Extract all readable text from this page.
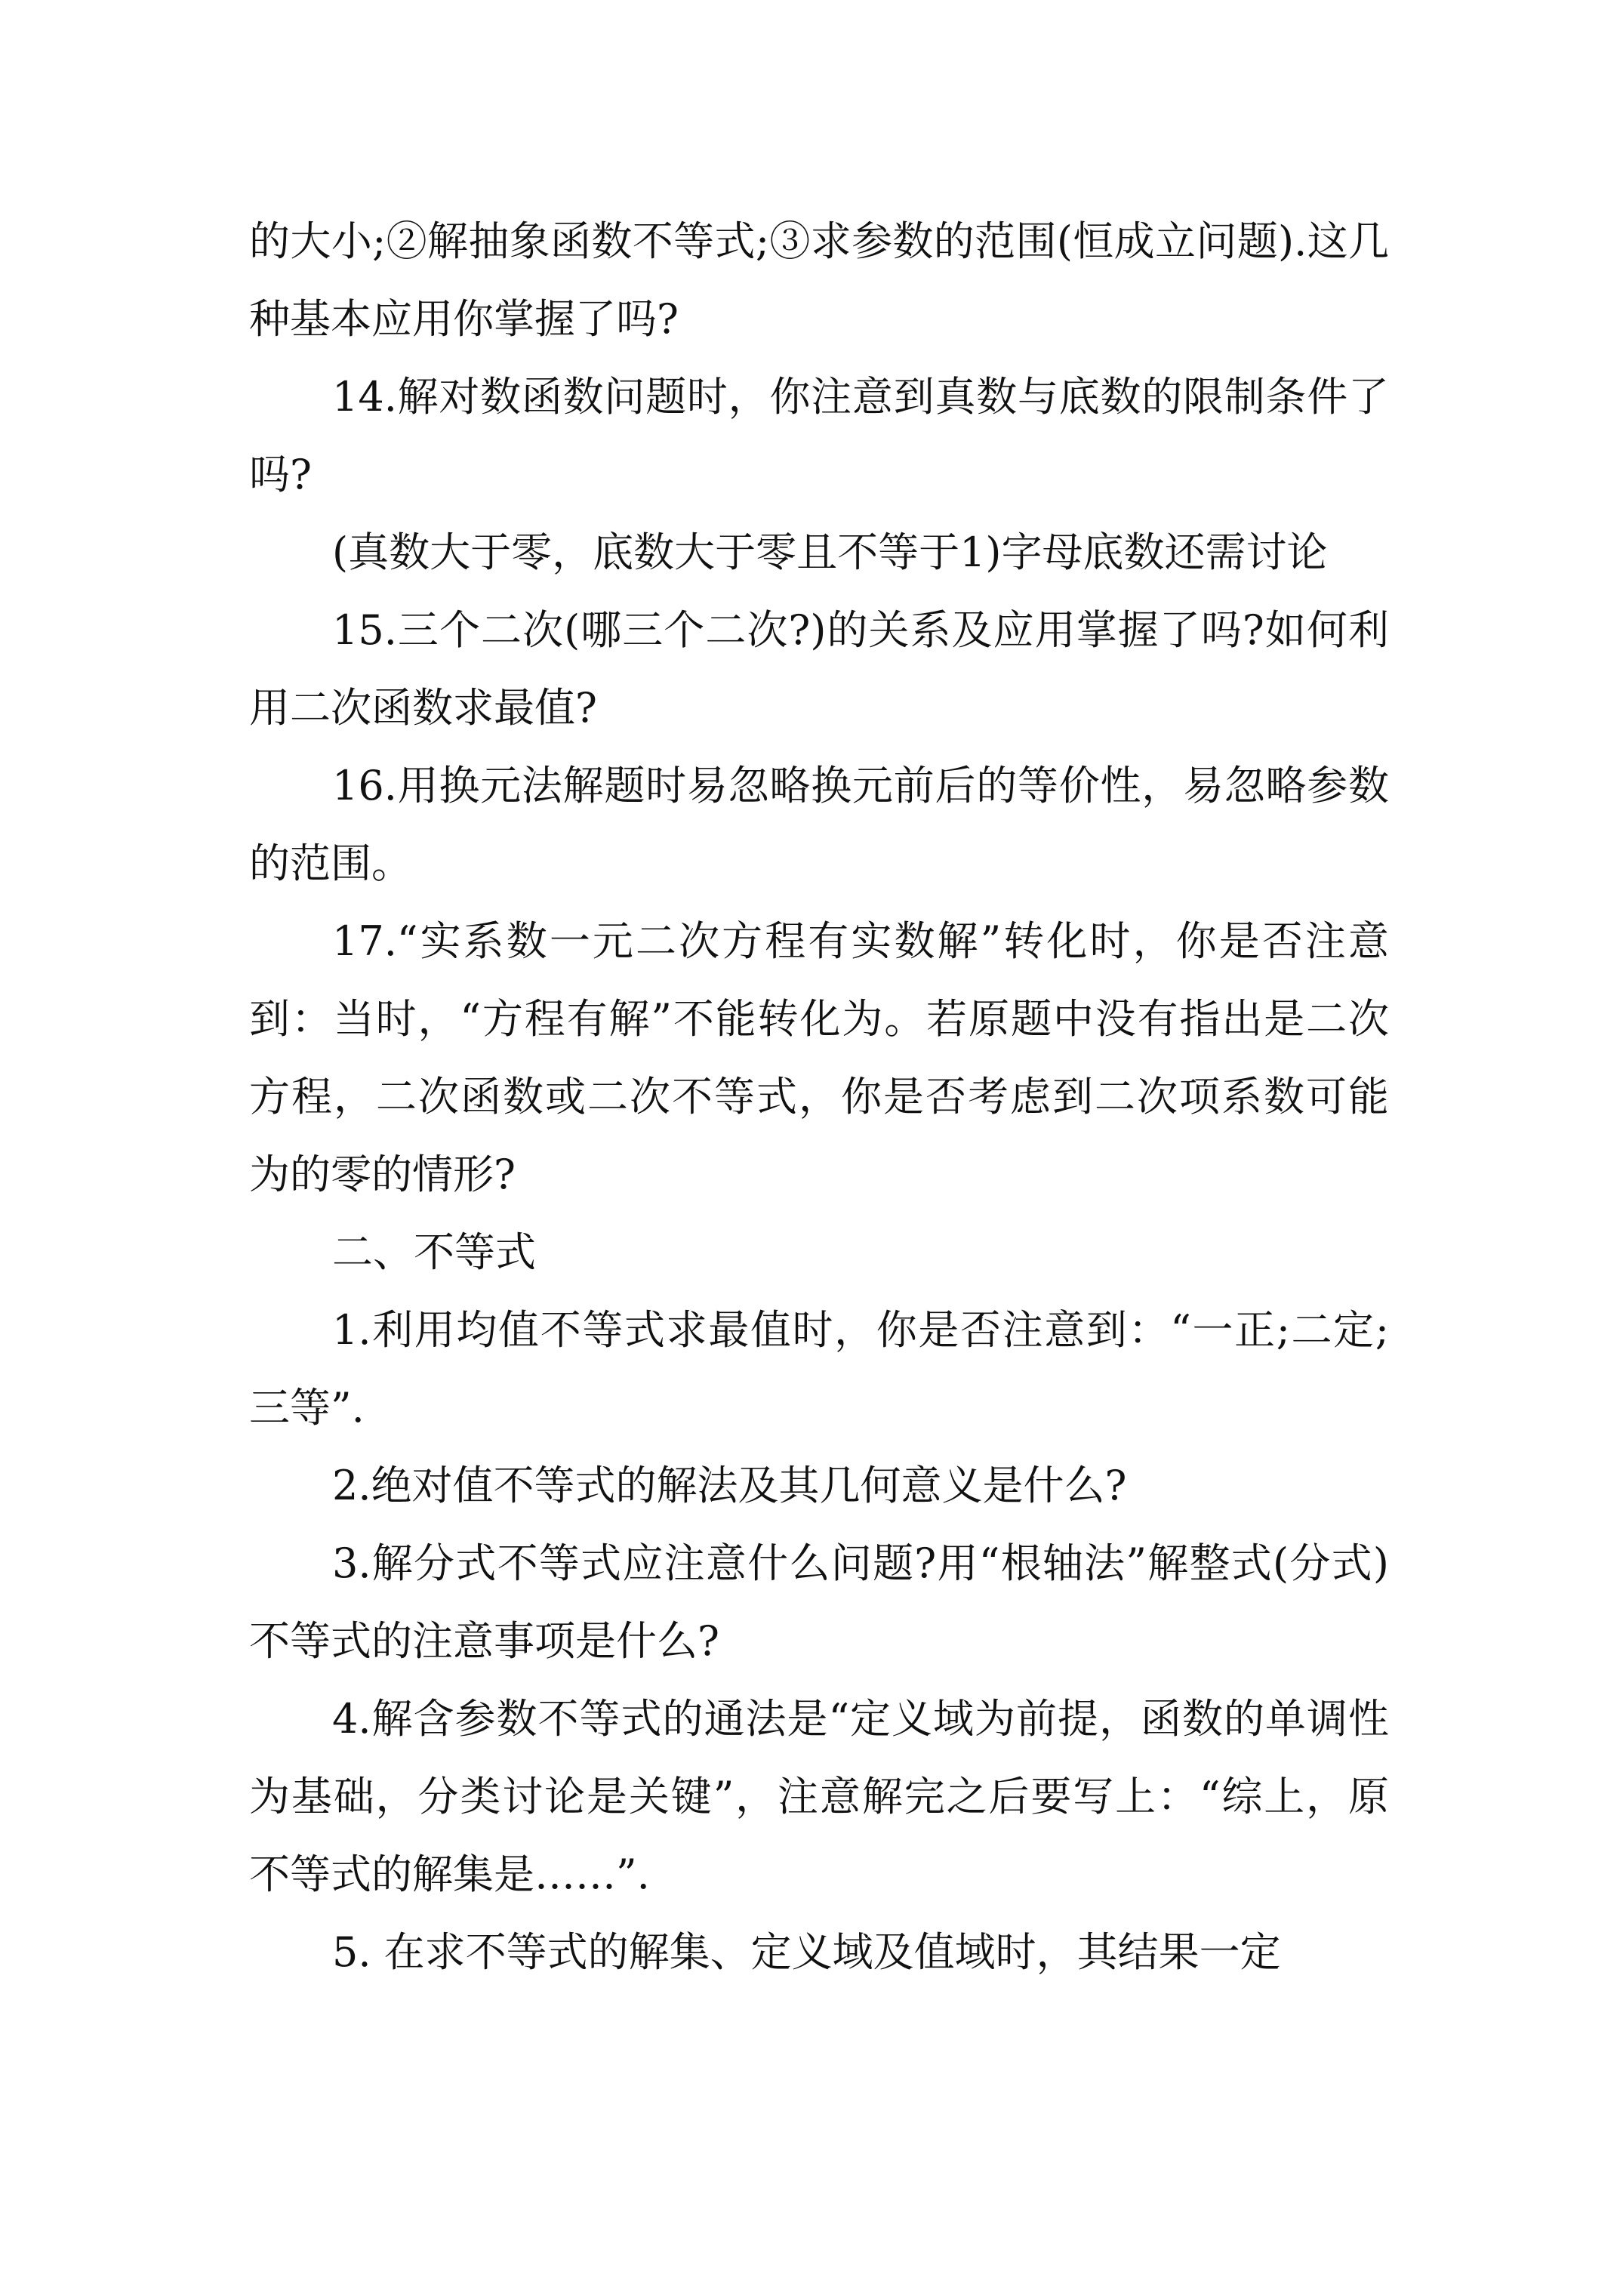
的大小;②解抽象函数不等式;③求参数的范围(恒成立问题).这几种基本应用你掌握了吗?

14.解对数函数问题时，你注意到真数与底数的限制条件了吗?

(真数大于零，底数大于零且不等于1)字母底数还需讨论

15.三个二次(哪三个二次?)的关系及应用掌握了吗?如何利用二次函数求最值?

16.用换元法解题时易忽略换元前后的等价性，易忽略参数的范围。

17.“实系数一元二次方程有实数解”转化时，你是否注意到：当时，“方程有解”不能转化为。若原题中没有指出是二次方程，二次函数或二次不等式，你是否考虑到二次项系数可能为的零的情形?

二、不等式

1.利用均值不等式求最值时，你是否注意到：“一正;二定;三等”.

2.绝对值不等式的解法及其几何意义是什么?

3.解分式不等式应注意什么问题?用“根轴法”解整式(分式)不等式的注意事项是什么?

4.解含参数不等式的通法是“定义域为前提，函数的单调性为基础，分类讨论是关键”，注意解完之后要写上：“综上，原不等式的解集是……”.

5. 在求不等式的解集、定义域及值域时，其结果一定
